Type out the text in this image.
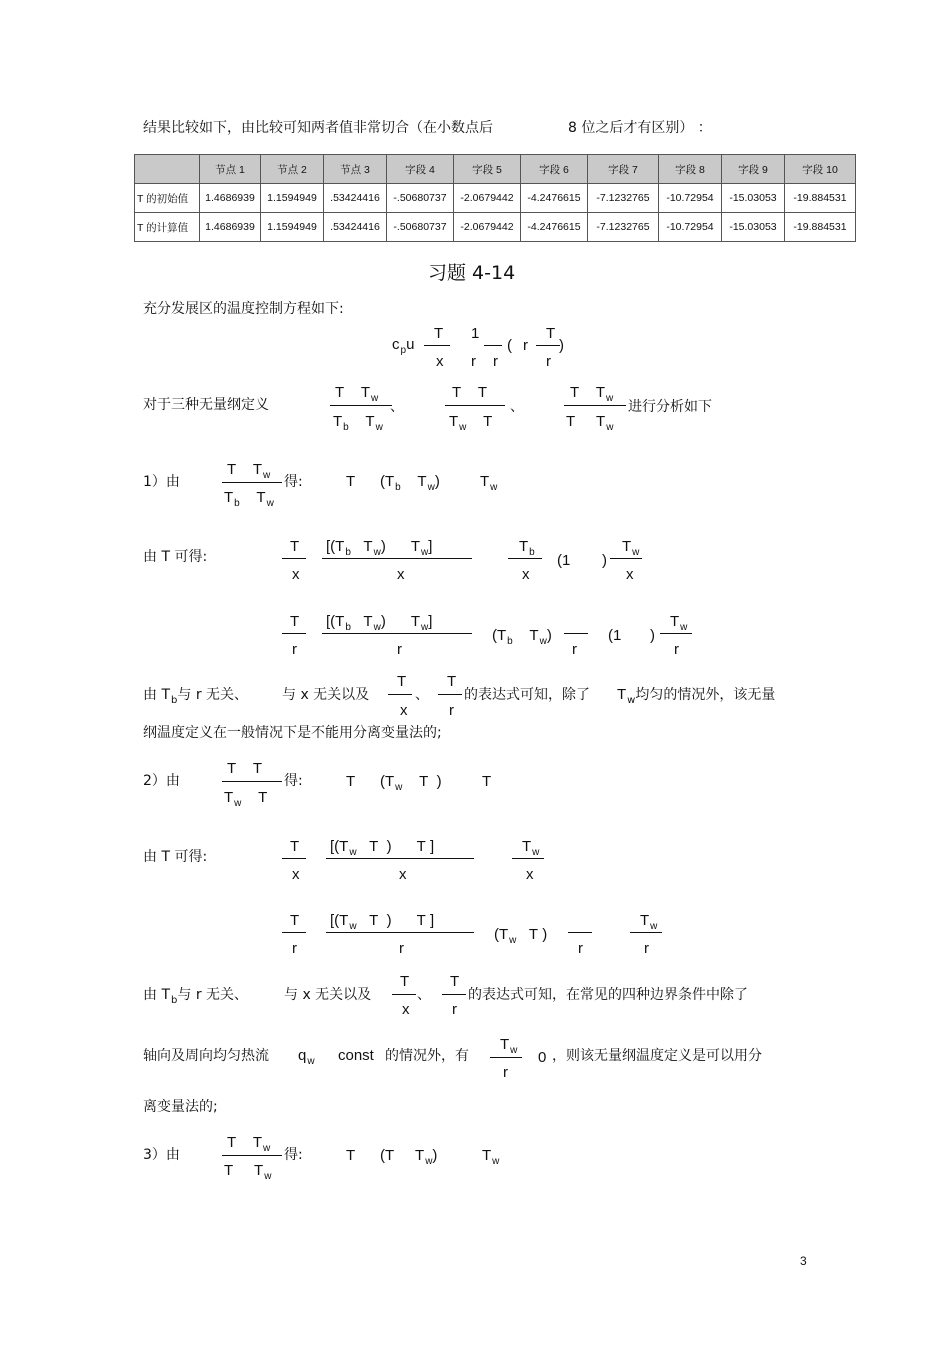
结果比较如下，由比较可知两者值非常切合（在小数点后	8 位之后才有区别） ：
	节点 1	节点 2	节点 3	字段 4	字段 5	字段 6	字段 7	字段 8	字段 9	字段 10
T 的初始值	1.4686939	1.1594949	.53424416	-.50680737	-2.0679442	-4.2476615	-7.1232765	-10.72954	-15.03053	-19.884531
T 的计算值	1.4686939	1.1594949	.53424416	-.50680737	-2.0679442	-4.2476615	-7.1232765	-10.72954	-15.03053	-19.884531
习题 4-14
充分发展区的温度控制方程如下:
$c_pu$
T
x
1
r r
( r
T
r
)
对于三种无量纲定义
T $T_w$
$T_b$ $T_w$
、
T T
$T_w$ T
、
T $T_w$
T $T_w$
进行分析如下
1）由
T $T_w$
$T_b$ $T_w$
得:	T ($T_b$ $T_w$)	$T_w$
由 T 可得:
T
x
[($T_b$ $T_w$) $T_w$]
x
$T_b$
x
(1 )
$T_w$
x
T
r
[($T_b$ $T_w$) $T_w$]
r
($T_b$ $T_w$)
r
(1 )
$T_w$
r
由 $T_b$与 r 无关、 与 x 无关以及
T
x
、
T
r
的表达式可知，除了 $T_w$均匀的情况外，该无量
纲温度定义在一般情况下是不能用分离变量法的;
2）由
T T
$T_w$ T
得:	T ($T_w$ T )	T
由 T 可得:
T
x
[($T_w$ T ) T ]
x
$T_w$
x
T
r
[($T_w$ T ) T ]
r
($T_w$ T )
r
$T_w$
r
由 $T_b$与 r 无关、	与 x 无关以及
T
x
、
T
r
的表达式可知，在常见的四种边界条件中除了
轴向及周向均匀热流 $q_w$ const 的情况外，有
$T_w$
r
0 ，则该无量纲温度定义是可以用分
离变量法的;
3）由
T $T_w$
T $T_w$
得:	T (T $T_w$)	$T_w$
3
